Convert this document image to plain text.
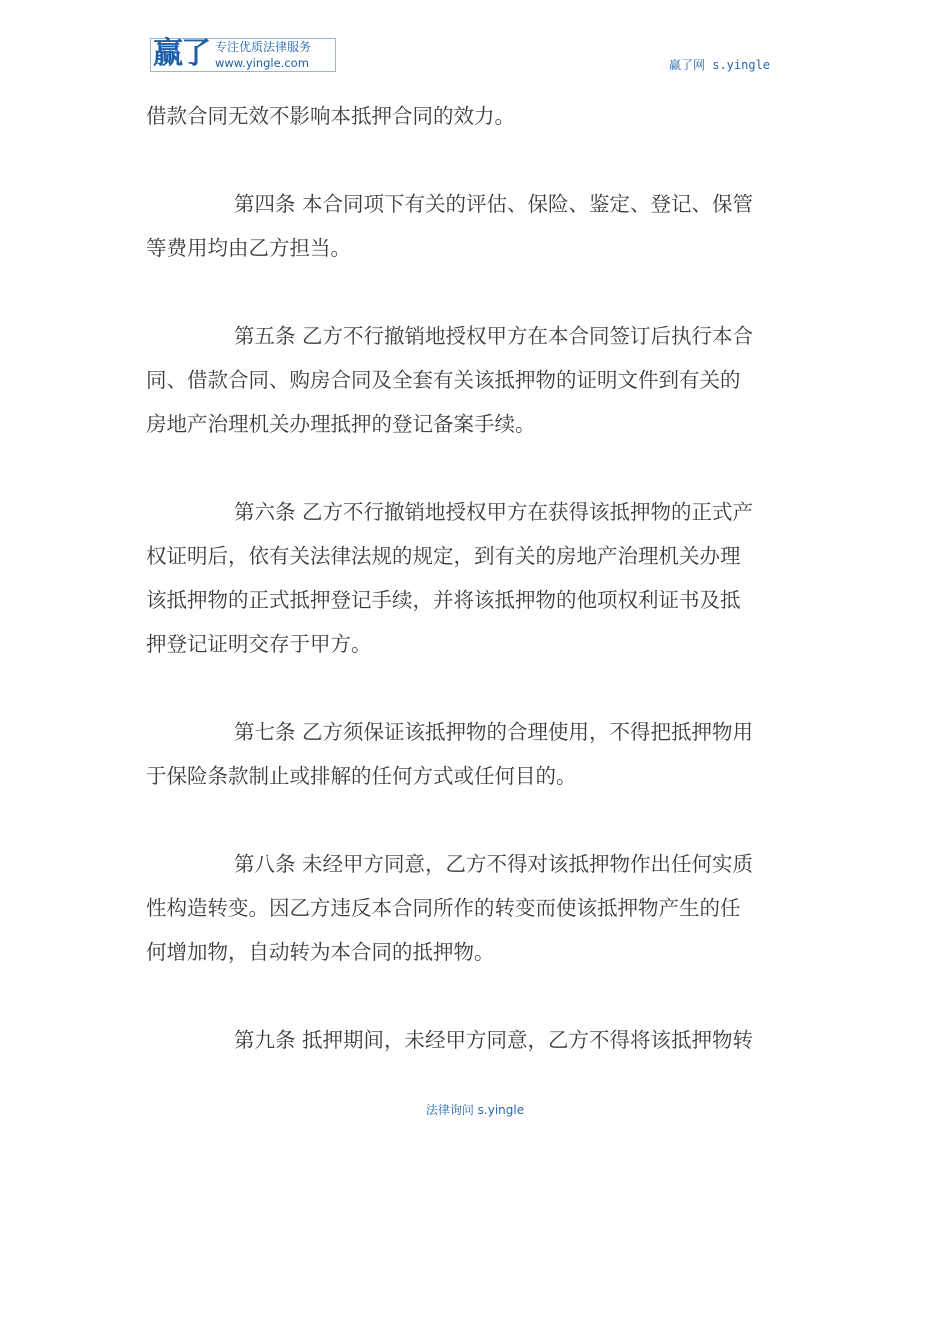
赢了 专注优质法律服务
www.yingle.com	赢了网 s.yingle

借款合同无效不影响本抵押合同的效力。

第四条 本合同项下有关的评估、保险、鉴定、登记、保管
等费用均由乙方担当。

第五条 乙方不行撤销地授权甲方在本合同签订后执行本合
同、借款合同、购房合同及全套有关该抵押物的证明文件到有关的
房地产治理机关办理抵押的登记备案手续。

第六条 乙方不行撤销地授权甲方在获得该抵押物的正式产
权证明后，依有关法律法规的规定，到有关的房地产治理机关办理
该抵押物的正式抵押登记手续，并将该抵押物的他项权利证书及抵
押登记证明交存于甲方。

第七条 乙方须保证该抵押物的合理使用，不得把抵押物用
于保险条款制止或排解的任何方式或任何目的。

第八条 未经甲方同意，乙方不得对该抵押物作出任何实质
性构造转变。因乙方违反本合同所作的转变而使该抵押物产生的任
何增加物，自动转为本合同的抵押物。

第九条 抵押期间，未经甲方同意，乙方不得将该抵押物转

法律询问 s.yingle
